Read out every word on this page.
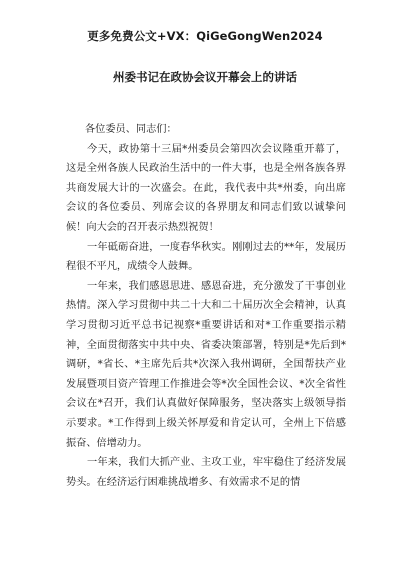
更多免费公文+VX：QiGeGongWen2024
州委书记在政协会议开幕会上的讲话

各位委员、同志们：

今天，政协第十三届*州委员会第四次会议隆重开幕了，这是全州各族人民政治生活中的一件大事，也是全州各族各界共商发展大计的一次盛会。在此，我代表中共*州委，向出席会议的各位委员、列席会议的各界朋友和同志们致以诚挚问候！向大会的召开表示热烈祝贺！

一年砥砺奋进，一度春华秋实。刚刚过去的**年，发展历程很不平凡，成绩令人鼓舞。

一年来，我们感恩思进、感恩奋进，充分激发了干事创业热情。深入学习贯彻中共二十大和二十届历次全会精神，认真学习贯彻习近平总书记视察*重要讲话和对*工作重要指示精神，全面贯彻落实中共中央、省委决策部署，特别是*先后到*调研，*省长、*主席先后共*次深入我州调研，全国帮扶产业发展暨项目资产管理工作推进会等*次全国性会议、*次全省性会议在*召开，我们认真做好保障服务，坚决落实上级领导指示要求。*工作得到上级关怀厚爱和肯定认可，全州上下倍感振奋、倍增动力。

一年来，我们大抓产业、主攻工业，牢牢稳住了经济发展势头。在经济运行困难挑战增多、有效需求不足的情
